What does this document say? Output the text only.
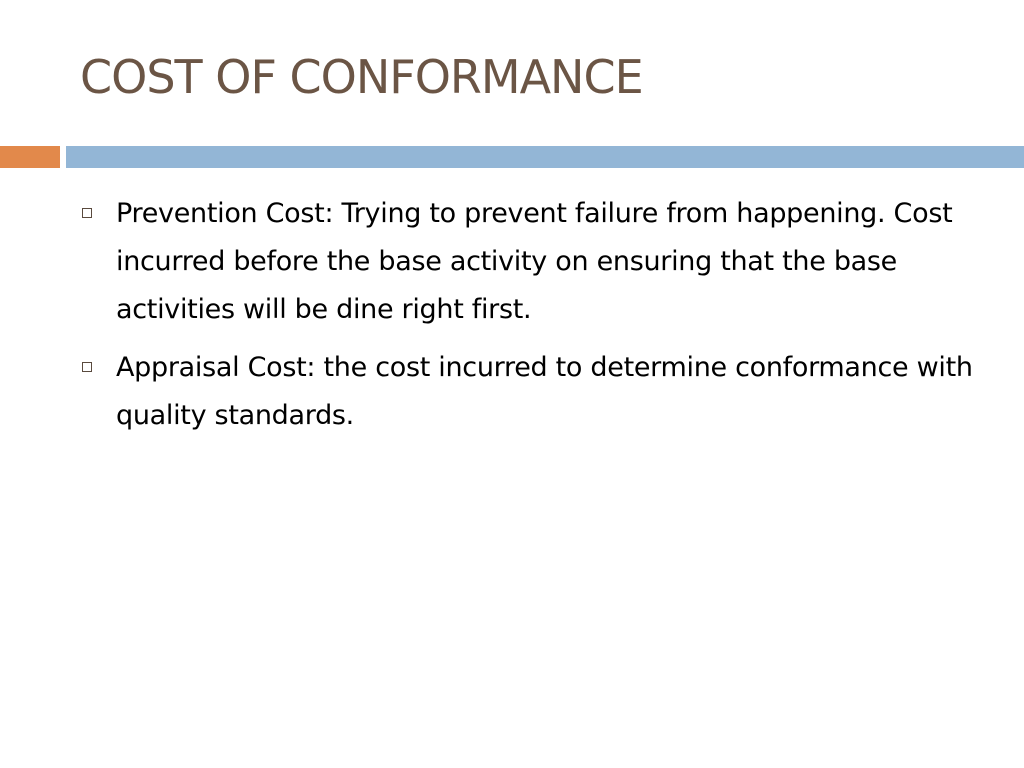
COST OF CONFORMANCE
Prevention Cost: Trying to prevent failure from happening. Cost incurred before the base activity on ensuring that the base activities will be dine right first.
Appraisal Cost: the cost incurred to determine conformance with quality standards.
